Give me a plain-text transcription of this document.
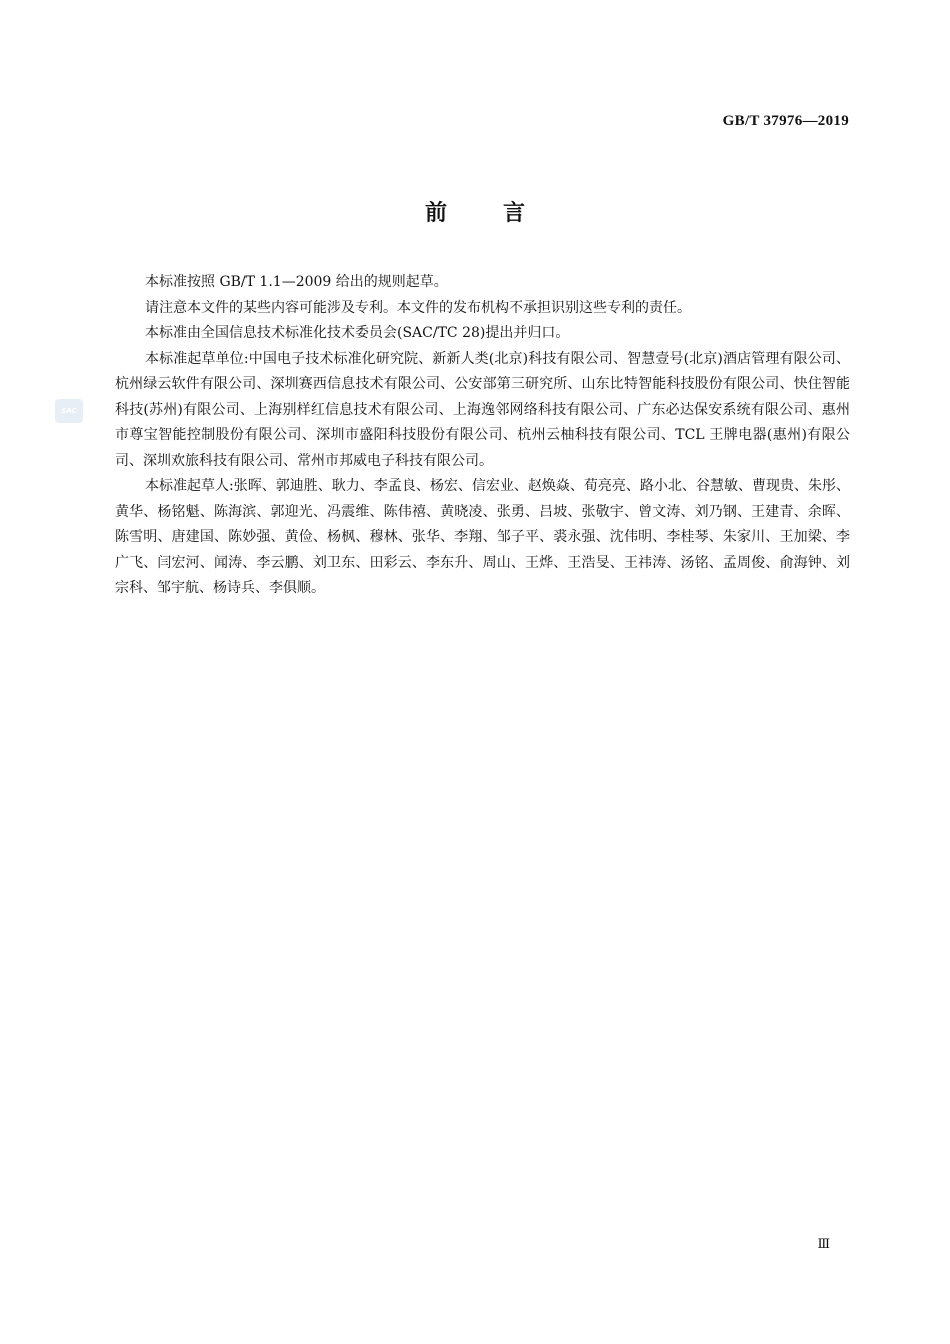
GB/T 37976—2019
前言
SAC

本标准按照 GB/T 1.1—2009 给出的规则起草。

请注意本文件的某些内容可能涉及专利。本文件的发布机构不承担识别这些专利的责任。

本标准由全国信息技术标准化技术委员会(SAC/TC 28)提出并归口。

本标准起草单位:中国电子技术标准化研究院、新新人类(北京)科技有限公司、智慧壹号(北京)酒店管理有限公司、杭州绿云软件有限公司、深圳赛西信息技术有限公司、公安部第三研究所、山东比特智能科技股份有限公司、快住智能科技(苏州)有限公司、上海别样红信息技术有限公司、上海逸邻网络科技有限公司、广东必达保安系统有限公司、惠州市尊宝智能控制股份有限公司、深圳市盛阳科技股份有限公司、杭州云柚科技有限公司、TCL 王牌电器(惠州)有限公司、深圳欢旅科技有限公司、常州市邦威电子科技有限公司。

本标准起草人:张晖、郭迪胜、耿力、李孟良、杨宏、信宏业、赵焕焱、荀亮亮、路小北、谷慧敏、曹现贵、朱彤、黄华、杨铭魁、陈海滨、郭迎光、冯震维、陈伟禧、黄晓凌、张勇、吕坡、张敬宇、曾文涛、刘乃钢、王建青、余晖、陈雪明、唐建国、陈妙强、黄俭、杨枫、穆林、张华、李翔、邹子平、裘永强、沈伟明、李桂琴、朱家川、王加梁、李广飞、闫宏河、闻涛、李云鹏、刘卫东、田彩云、李东升、周山、王烨、王浩旻、王祎涛、汤铭、孟周俊、俞海钟、刘宗科、邹宇航、杨诗兵、李俱顺。

Ⅲ
